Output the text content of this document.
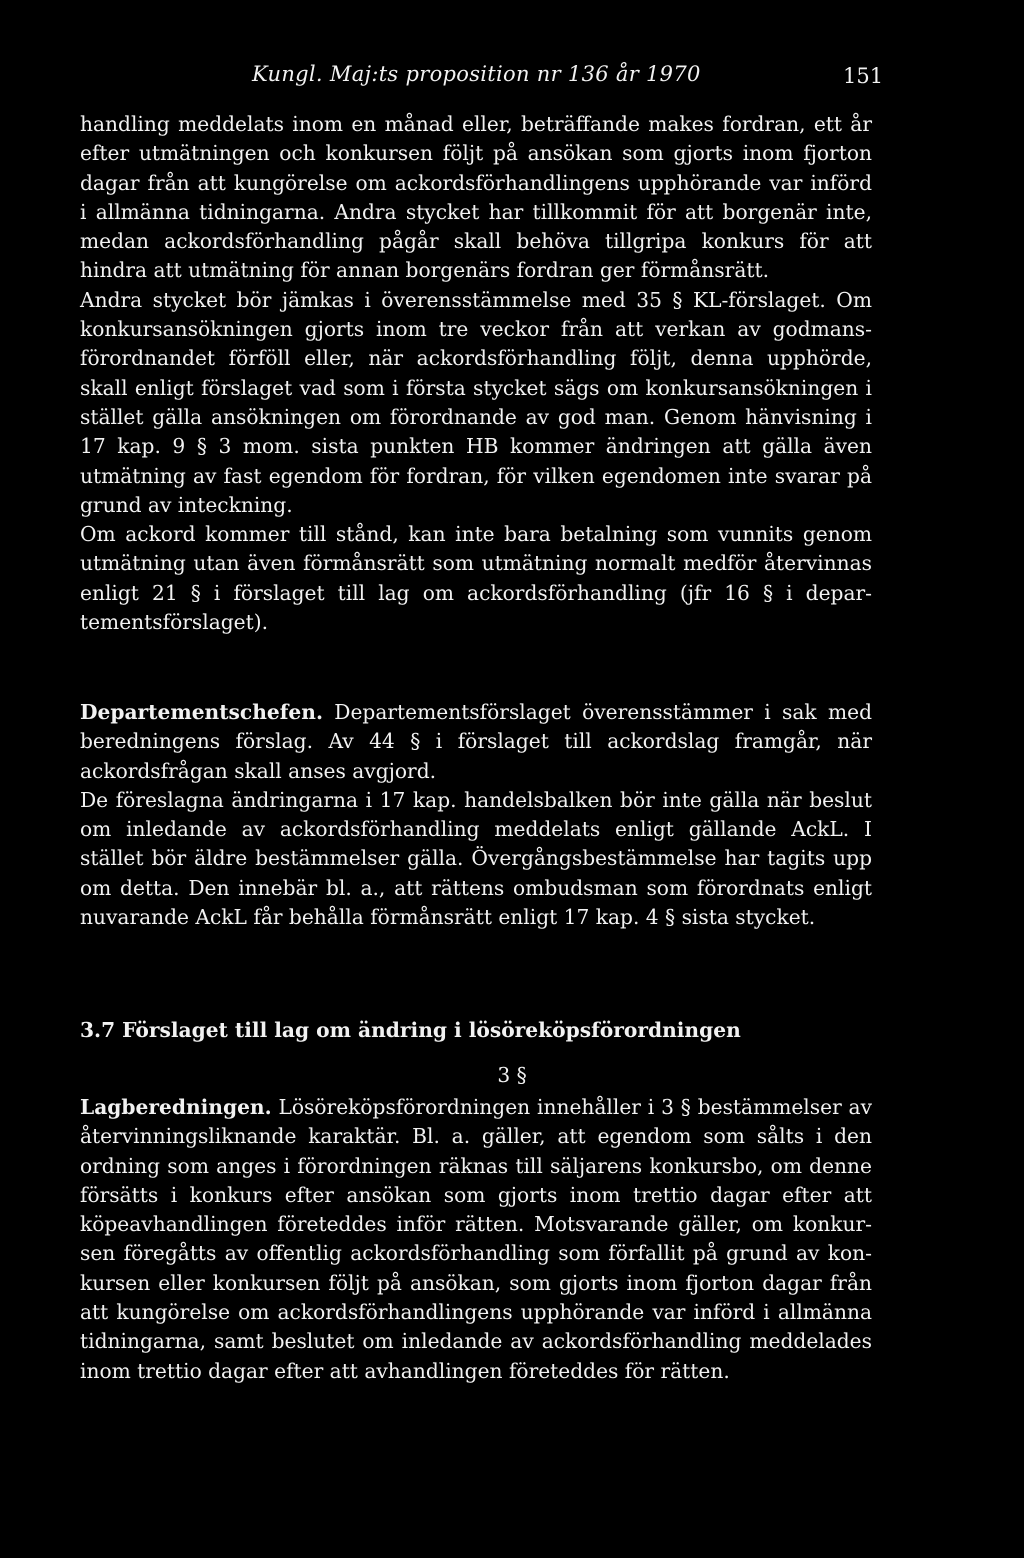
Kungl. Maj:ts proposition nr 136 år 1970	151

handling meddelats inom en månad eller, beträffande makes fordran, ett år efter utmätningen och konkursen följt på ansökan som gjorts inom fjorton dagar från att kungörelse om ackordsförhandlingens upphörande var införd i allmänna tidningarna. Andra stycket har tillkommit för att borgenär inte, medan ackordsförhandling pågår skall behöva tillgripa konkurs för att hindra att utmätning för annan borgenärs fordran ger förmånsrätt.

Andra stycket bör jämkas i överensstämmelse med 35 § KL-förslaget. Om konkursansökningen gjorts inom tre veckor från att verkan av godmansförordnandet förföll eller, när ackordsförhandling följt, denna upphörde, skall enligt förslaget vad som i första stycket sägs om konkursansökningen i stället gälla ansökningen om förordnande av god man. Genom hänvisning i 17 kap. 9 § 3 mom. sista punkten HB kommer ändringen att gälla även utmätning av fast egendom för fordran, för vilken egendomen inte svarar på grund av inteckning.

Om ackord kommer till stånd, kan inte bara betalning som vunnits genom utmätning utan även förmånsrätt som utmätning normalt medför återvinnas enligt 21 § i förslaget till lag om ackordsförhandling (jfr 16 § i departementsförslaget).

Departementschefen. Departementsförslaget överensstämmer i sak med beredningens förslag. Av 44 § i förslaget till ackordslag framgår, när ackordsfrågan skall anses avgjord.

De föreslagna ändringarna i 17 kap. handelsbalken bör inte gälla när beslut om inledande av ackordsförhandling meddelats enligt gällande AckL. I stället bör äldre bestämmelser gälla. Övergångsbestämmelse har tagits upp om detta. Den innebär bl. a., att rättens ombudsman som förordnats enligt nuvarande AckL får behålla förmånsrätt enligt 17 kap. 4 § sista stycket.

3.7 Förslaget till lag om ändring i lösöreköpsförordningen
3 §

Lagberedningen. Lösöreköpsförordningen innehåller i 3 § bestämmelser av återvinningsliknande karaktär. Bl. a. gäller, att egendom som sålts i den ordning som anges i förordningen räknas till säljarens konkursbo, om denne försätts i konkurs efter ansökan som gjorts inom trettio dagar efter att köpeavhandlingen företeddes inför rätten. Motsvarande gäller, om konkursen föregåtts av offentlig ackordsförhandling som förfallit på grund av konkursen eller konkursen följt på ansökan, som gjorts inom fjorton dagar från att kungörelse om ackordsförhandlingens upphörande var införd i allmänna tidningarna, samt beslutet om inledande av ackordsförhandling meddelades inom trettio dagar efter att avhandlingen företeddes för rätten.
